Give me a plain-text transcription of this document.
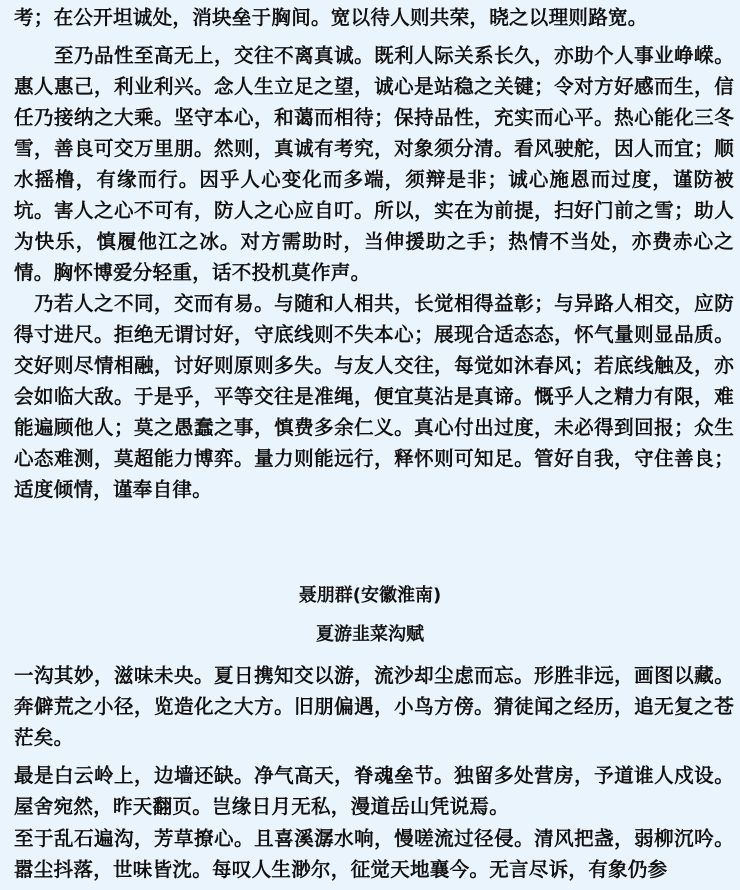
考；在公开坦诚处，消块垒于胸间。宽以待人则共荣，晓之以理则路宽。
　　至乃品性至高无上，交往不离真诚。既利人际关系长久，亦助个人事业峥嵘。惠人惠己，利业利兴。念人生立足之望，诚心是站稳之关键；令对方好感而生，信任乃接纳之大乘。坚守本心，和蔼而相待；保持品性，充实而心平。热心能化三冬雪，善良可交万里朋。然则，真诚有考究，对象须分清。看风驶舵，因人而宜；顺水摇橹，有缘而行。因乎人心变化而多端，须辩是非；诚心施恩而过度，谨防被坑。害人之心不可有，防人之心应自叮。所以，实在为前提，扫好门前之雪；助人为快乐，慎履他江之冰。对方需助时，当伸援助之手；热情不当处，亦费赤心之情。胸怀博爱分轻重，话不投机莫作声。
　乃若人之不同，交而有易。与随和人相共，长觉相得益彰；与异路人相交，应防得寸进尺。拒绝无谓讨好，守底线则不失本心；展现合适态态，怀气量则显品质。交好则尽情相融，讨好则原则多失。与友人交往，每觉如沐春风；若底线触及，亦会如临大敌。于是乎，平等交往是准绳，便宜莫沾是真谛。慨乎人之精力有限，难能遍顾他人；莫之愚蠢之事，慎费多余仁义。真心付出过度，未必得到回报；众生心态难测，莫超能力博弈。量力则能远行，释怀则可知足。管好自我，守住善良；适度倾情，谨奉自律。
聂朋群(安徽淮南)
夏游韭菜沟赋
一沟其妙，滋味未央。夏日携知交以游，流沙却尘虑而忘。形胜非远，画图以藏。奔僻荒之小径，览造化之大方。旧朋偏遇，小鸟方傍。猜徒闻之经历，追无复之苍茫矣。
最是白云岭上，边墙还缺。净气高天，脊魂垒节。独留多处营房，予道谁人戍设。屋舍宛然，昨天翻页。岂缘日月无私，漫道岳山凭说焉。
至于乱石遍沟，芳草撩心。且喜溪潺水响，慢嗟流过径侵。清风把盏，弱柳沉吟。嚣尘抖落，世味皆沈。每叹人生渺尔，征觉天地襄今。无言尽诉，有象仍参
